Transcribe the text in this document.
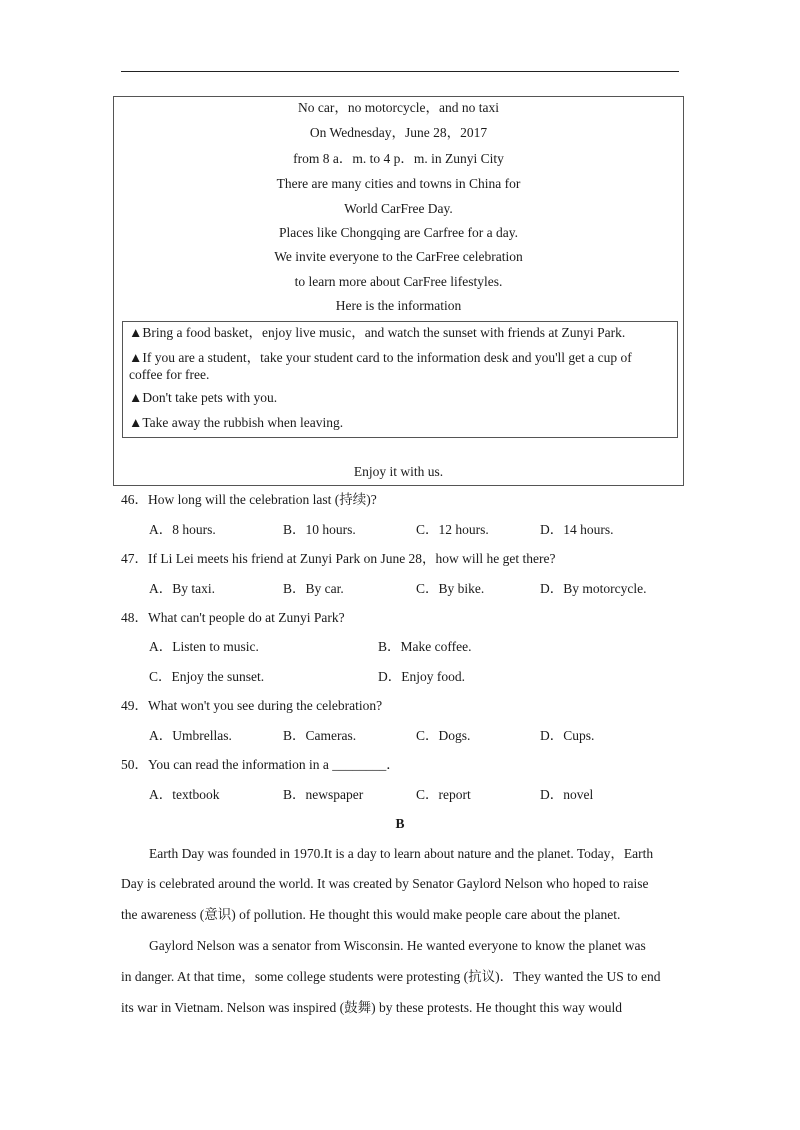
No car，no motorcycle，and no taxi
On Wednesday，June 28，2017
from 8 a．m. to 4 p．m. in Zunyi City
There are many cities and towns in China for
World CarFree Day.
Places like Chongqing are Carfree for a day.
We invite everyone to the CarFree celebration
to learn more about CarFree lifestyles.
Here is the information
▲Bring a food basket，enjoy live music，and watch the sunset with friends at Zunyi Park.
▲If you are a student，take your student card to the information desk and you'll get a cup of coffee for free.
▲Don't take pets with you.
▲Take away the rubbish when leaving.
Enjoy it with us.
46．How long will the celebration last (持续)?
A．8 hours.	B．10 hours.	C．12 hours.	D．14 hours.
47．If Li Lei meets his friend at Zunyi Park on June 28，how will he get there?
A．By taxi.	B．By car.	C．By bike.	D．By motorcycle.
48．What can't people do at Zunyi Park?
A．Listen to music.	B．Make coffee.
C．Enjoy the sunset.	D．Enjoy food.
49．What won't you see during the celebration?
A．Umbrellas.	B．Cameras.	C．Dogs.	D．Cups.
50．You can read the information in a ________．
A．textbook	B．newspaper	C．report	D．novel
B
Earth Day was founded in 1970.It is a day to learn about nature and the planet. Today，Earth
Day is celebrated around the world. It was created by Senator Gaylord Nelson who hoped to raise
the awareness (意识) of pollution. He thought this would make people care about the planet.
Gaylord Nelson was a senator from Wisconsin. He wanted everyone to know the planet was
in danger. At that time，some college students were protesting (抗议)．They wanted the US to end
its war in Vietnam. Nelson was inspired (鼓舞) by these protests. He thought this way would
